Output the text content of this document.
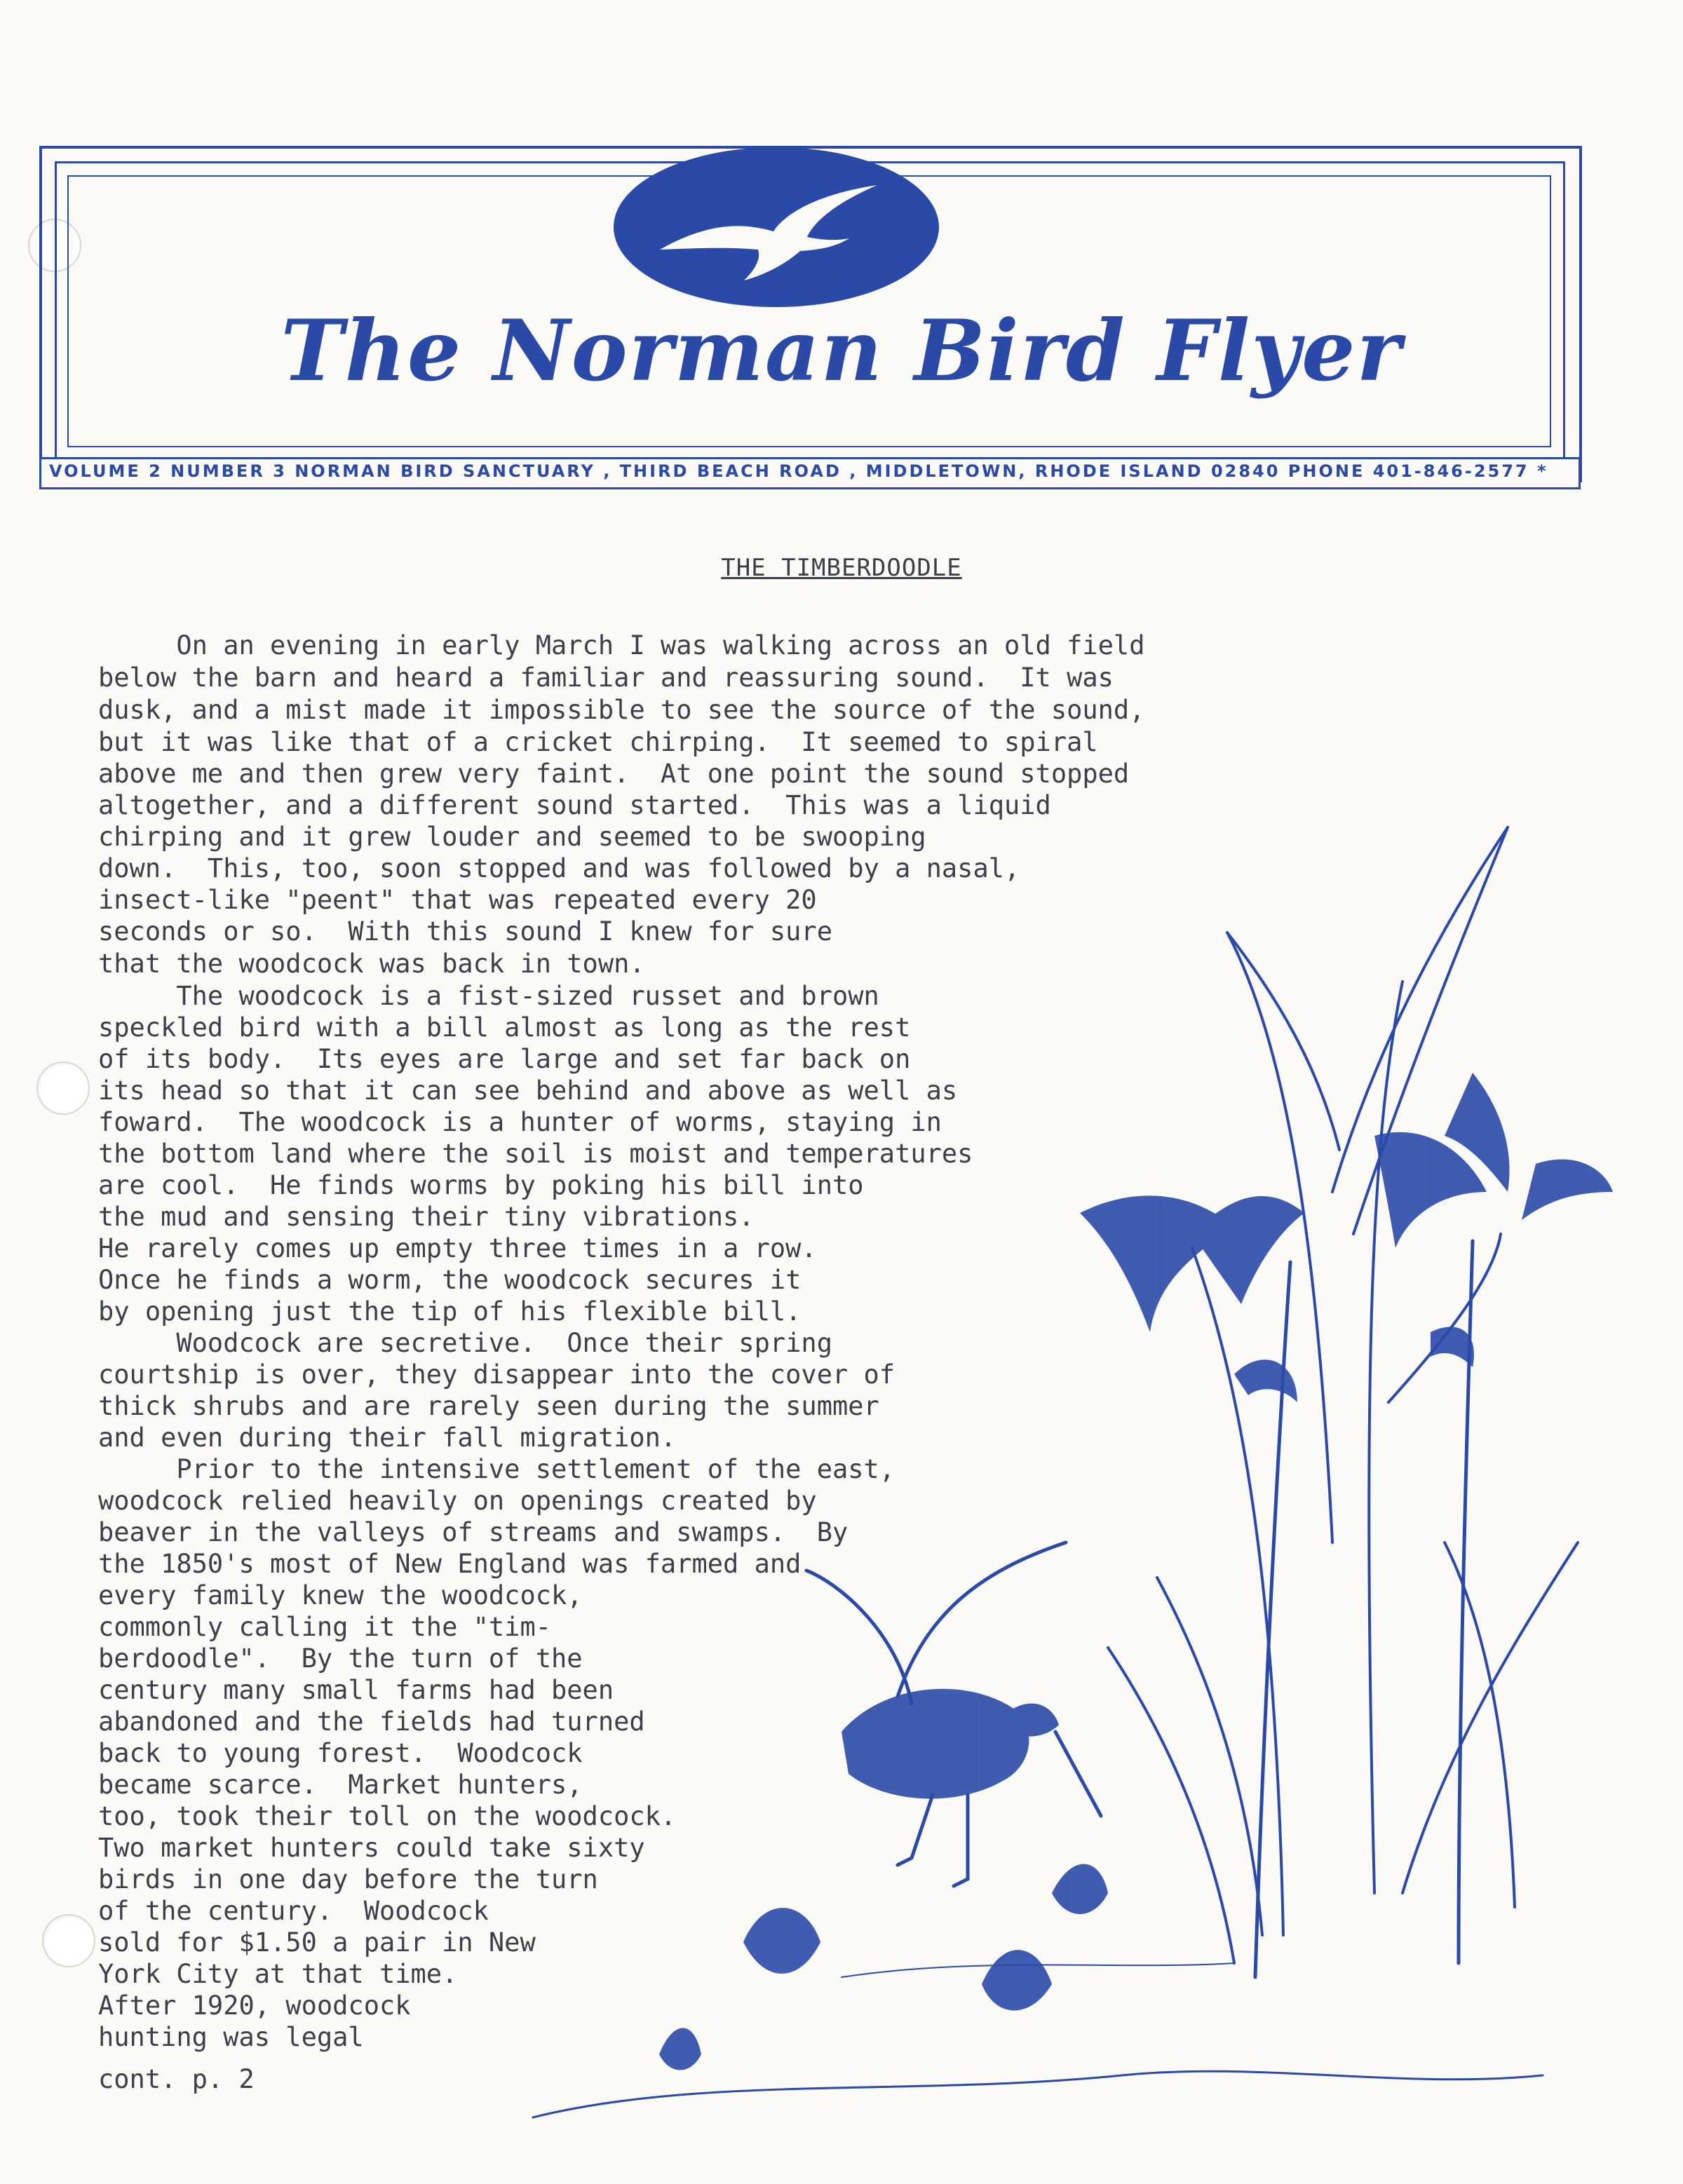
The Norman Bird Flyer
VOLUME 2 NUMBER 3 NORMAN BIRD SANCTUARY , THIRD BEACH ROAD , MIDDLETOWN, RHODE ISLAND 02840 PHONE 401-846-2577 *
THE TIMBERDOODLE
On an evening in early March I was walking across an old field
below the barn and heard a familiar and reassuring sound.  It was
dusk, and a mist made it impossible to see the source of the sound,
but it was like that of a cricket chirping.  It seemed to spiral
above me and then grew very faint.  At one point the sound stopped
altogether, and a different sound started.  This was a liquid
chirping and it grew louder and seemed to be swooping
down.  This, too, soon stopped and was followed by a nasal,
insect-like "peent" that was repeated every 20
seconds or so.  With this sound I knew for sure
that the woodcock was back in town.
The woodcock is a fist-sized russet and brown
speckled bird with a bill almost as long as the rest
of its body.  Its eyes are large and set far back on
its head so that it can see behind and above as well as
foward.  The woodcock is a hunter of worms, staying in
the bottom land where the soil is moist and temperatures
are cool.  He finds worms by poking his bill into
the mud and sensing their tiny vibrations.
He rarely comes up empty three times in a row.
Once he finds a worm, the woodcock secures it
by opening just the tip of his flexible bill.
Woodcock are secretive.  Once their spring
courtship is over, they disappear into the cover of
thick shrubs and are rarely seen during the summer
and even during their fall migration.
Prior to the intensive settlement of the east,
woodcock relied heavily on openings created by
beaver in the valleys of streams and swamps.  By
the 1850's most of New England was farmed and
every family knew the woodcock,
commonly calling it the "tim-
berdoodle".  By the turn of the
century many small farms had been
abandoned and the fields had turned
back to young forest.  Woodcock
became scarce.  Market hunters,
too, took their toll on the woodcock.
Two market hunters could take sixty
birds in one day before the turn
of the century.  Woodcock
sold for $1.50 a pair in New
York City at that time.
After 1920, woodcock
hunting was legal
cont. p. 2
